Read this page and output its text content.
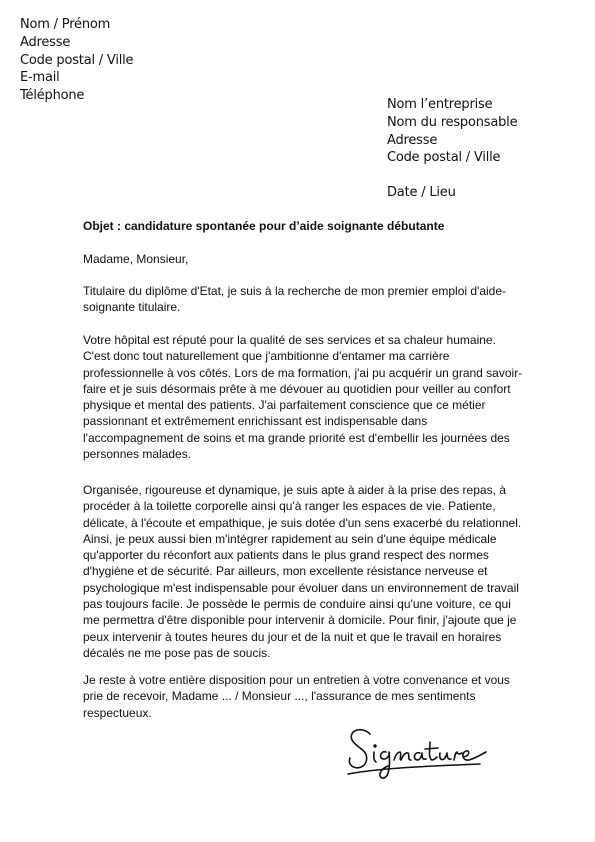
Nom / Prénom
Adresse
Code postal / Ville
E-mail
Téléphone
Nom l’entreprise
Nom du responsable
Adresse
Code postal / Ville
Date / Lieu

Objet : candidature spontanée pour d’aide soignante débutante

Madame, Monsieur,

Titulaire du diplôme d'Etat, je suis à la recherche de mon premier emploi d'aide-soignante titulaire.

Votre hôpital est réputé pour la qualité de ses services et sa chaleur humaine. C'est donc tout naturellement que j'ambitionne d'entamer ma carrière professionnelle à vos côtés. Lors de ma formation, j'ai pu acquérir un grand savoir-faire et je suis désormais prête à me dévouer au quotidien pour veiller au confort physique et mental des patients. J'ai parfaitement conscience que ce métier passionnant et extrêmement enrichissant est indispensable dans l'accompagnement de soins et ma grande priorité est d'embellir les journées des personnes malades.

Organisée, rigoureuse et dynamique, je suis apte à aider à la prise des repas, à procéder à la toilette corporelle ainsi qu'à ranger les espaces de vie. Patiente, délicate, à l'écoute et empathique, je suis dotée d'un sens exacerbé du relationnel. Ainsi, je peux aussi bien m'intégrer rapidement au sein d'une équipe médicale qu'apporter du réconfort aux patients dans le plus grand respect des normes d'hygiène et de sécurité. Par ailleurs, mon excellente résistance nerveuse et psychologique m'est indispensable pour évoluer dans un environnement de travail pas toujours facile. Je possède le permis de conduire ainsi qu'une voiture, ce qui me permettra d'être disponible pour intervenir à domicile. Pour finir, j'ajoute que je peux intervenir à toutes heures du jour et de la nuit et que le travail en horaires décalés ne me pose pas de soucis.

Je reste à votre entière disposition pour un entretien à votre convenance et vous prie de recevoir, Madame ... / Monsieur ..., l'assurance de mes sentiments respectueux.
